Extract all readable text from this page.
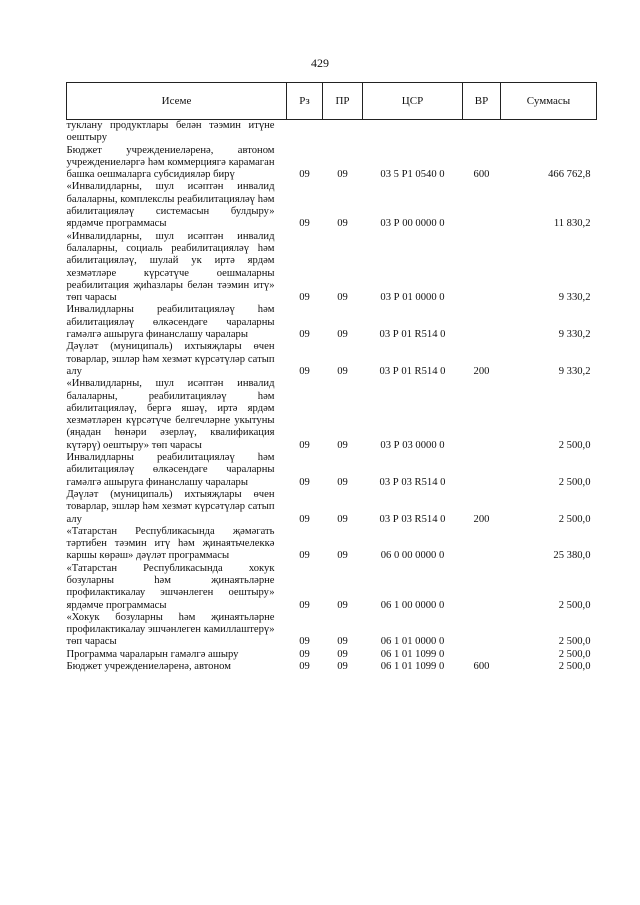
429
Исеме	Рз	ПР	ЦСР	ВР	Суммасы
туклану продуктлары белән тәэмин итүне оештыру					
Бюджет учреждениеләренә, автоном учреждениеләргә һәм коммерциягә карамаган башка оешмаларга субсидияләр бирү	09	09	03 5 P1 0540 0	600	466 762,8
«Инвалидларны, шул исәптән инвалид балаларны, комплекслы реабилитацияләү һәм абилитацияләү системасын булдыру» ярдәмче программасы	09	09	03 Р 00 0000 0		11 830,2
«Инвалидларны, шул исәптән инвалид балаларны, социаль реабилитацияләү һәм абилитацияләү, шулай ук иртә ярдәм хезмәтләре күрсәтүче оешмаларны реабилитация җиһазлары белән тәэмин итү» төп чарасы	09	09	03 Р 01 0000 0		9 330,2
Инвалидларны реабилитацияләү һәм абилитацияләү өлкәсендәге чараларны гамәлгә ашыруга финанслашу чаралары	09	09	03 Р 01 R514 0		9 330,2
Дәүләт (муниципаль) ихтыяҗлары өчен товарлар, эшләр һәм хезмәт күрсәтүләр сатып алу	09	09	03 Р 01 R514 0	200	9 330,2
«Инвалидларны, шул исәптән инвалид балаларны, реабилитацияләү һәм абилитацияләү, бергә яшәү, иртә ярдәм хезмәтләрен күрсәтүче белгечләрне укытуны (яңадан һөнәри әзерләү, квалификация күтәрү) оештыру» төп чарасы	09	09	03 Р 03 0000 0		2 500,0
Инвалидларны реабилитацияләү һәм абилитацияләү өлкәсендәге чараларны гамәлгә ашыруга финанслашу чаралары	09	09	03 Р 03 R514 0		2 500,0
Дәүләт (муниципаль) ихтыяҗлары өчен товарлар, эшләр һәм хезмәт күрсәтүләр сатып алу	09	09	03 Р 03 R514 0	200	2 500,0
«Татарстан Республикасында җәмәгать тәртибен тәэмин итү һәм җинаятьчелеккә каршы көрәш» дәүләт программасы	09	09	06 0 00 0000 0		25 380,0
«Татарстан Республикасында хокук бозуларны һәм җинаятьләрне профилактикалау эшчәнлеген оештыру» ярдәмче программасы	09	09	06 1 00 0000 0		2 500,0
«Хокук бозуларны һәм җинаятьләрне профилактикалау эшчәнлеген камиллаштерү» төп чарасы	09	09	06 1 01 0000 0		2 500,0
Программа чараларын гамәлгә ашыру	09	09	06 1 01 1099 0		2 500,0
Бюджет учреждениеләренә, автоном	09	09	06 1 01 1099 0	600	2 500,0
